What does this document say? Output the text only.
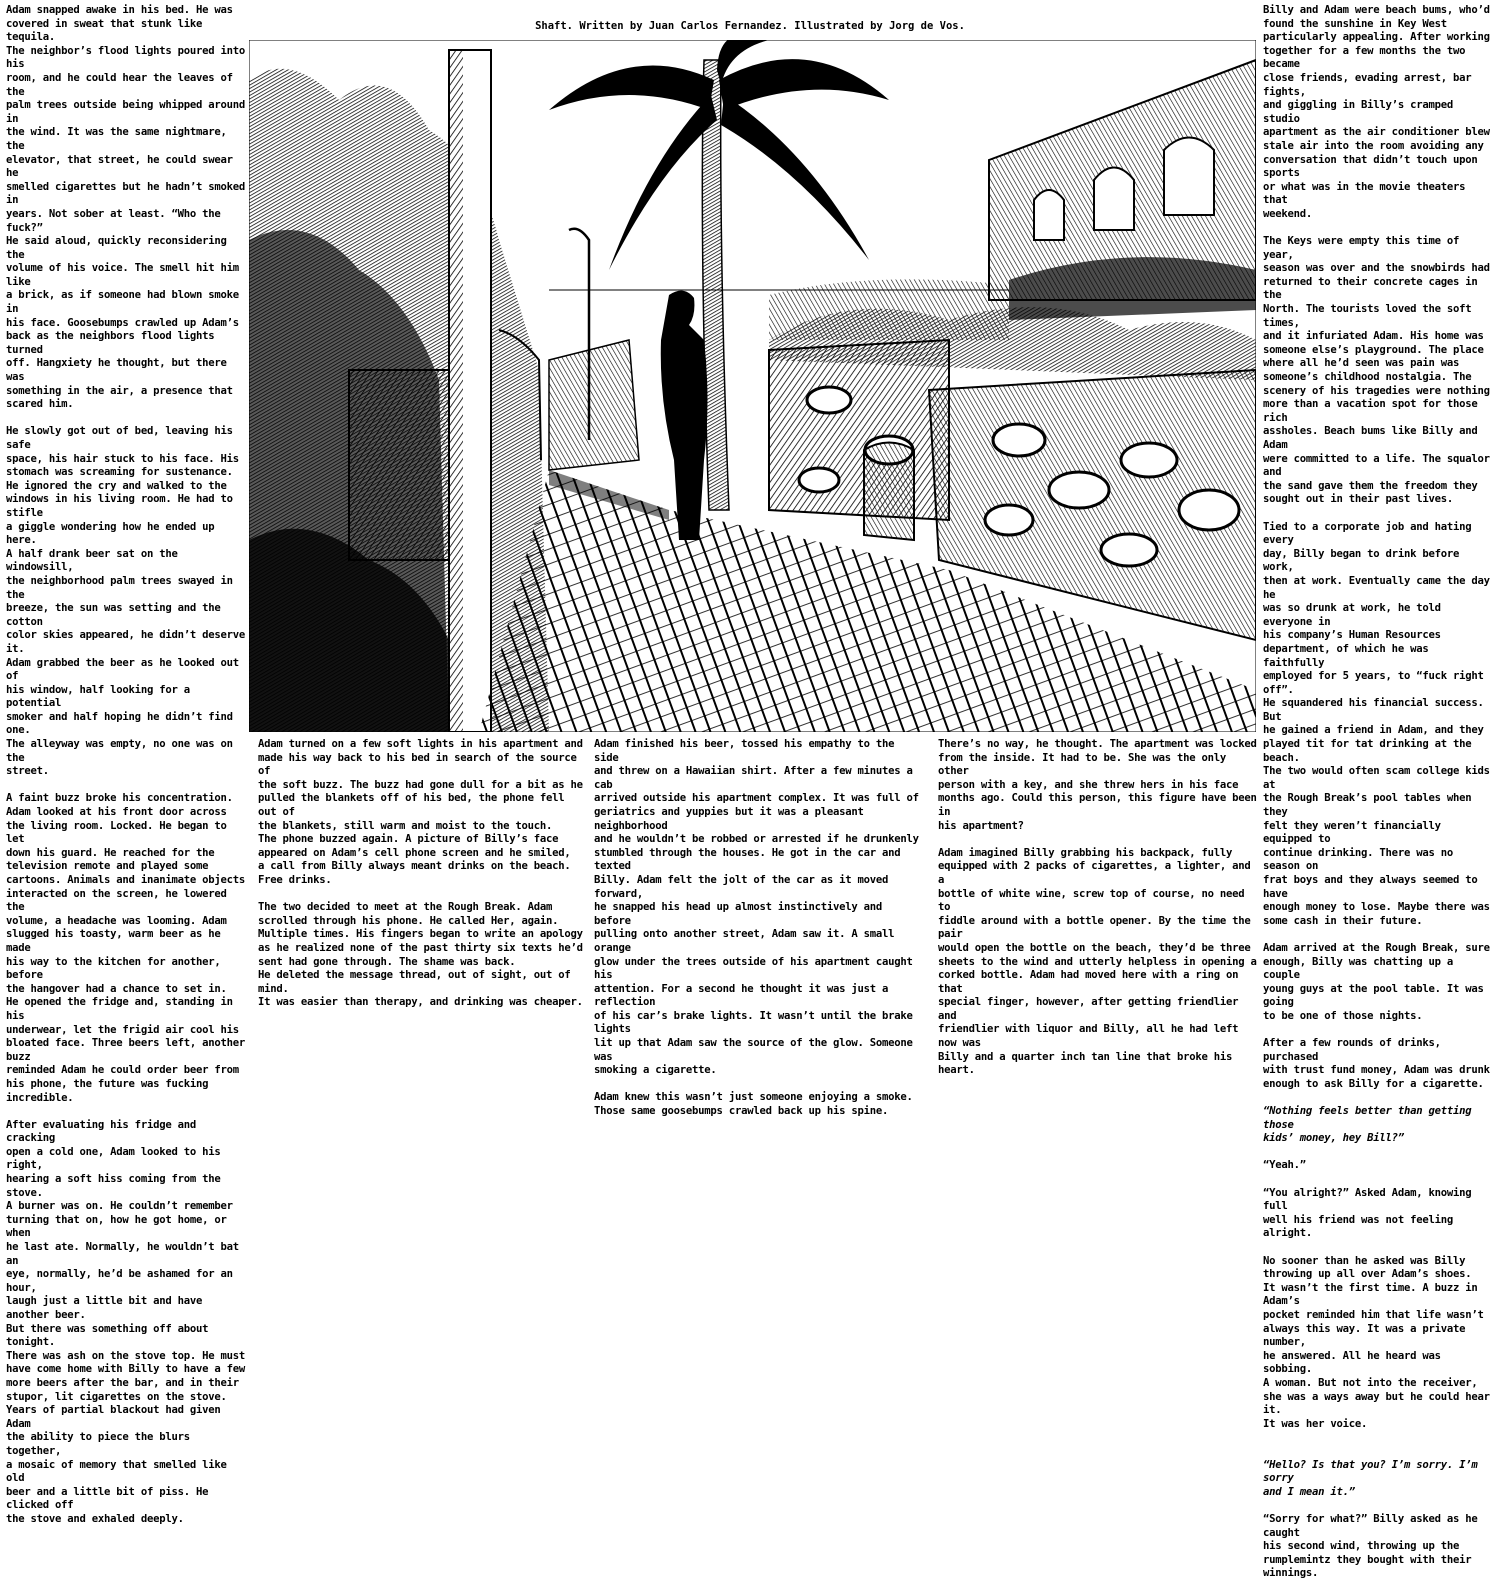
Shaft. Written by Juan Carlos Fernandez. Illustrated by Jorg de Vos.

Adam snapped awake in his bed. He was
covered in sweat that stunk like tequila.
The neighbor’s flood lights poured into his
room, and he could hear the leaves of the
palm trees outside being whipped around in
the wind. It was the same nightmare, the
elevator, that street, he could swear he
smelled cigarettes but he hadn’t smoked in
years. Not sober at least. “Who the fuck?”
He said aloud, quickly reconsidering the
volume of his voice. The smell hit him like
a brick, as if someone had blown smoke in
his face. Goosebumps crawled up Adam’s
back as the neighbors flood lights turned
off. Hangxiety he thought, but there was
something in the air, a presence that
scared him.

He slowly got out of bed, leaving his safe
space, his hair stuck to his face. His
stomach was screaming for sustenance.
He ignored the cry and walked to the
windows in his living room. He had to stifle
a giggle wondering how he ended up here.
A half drank beer sat on the windowsill,
the neighborhood palm trees swayed in the
breeze, the sun was setting and the cotton
color skies appeared, he didn’t deserve it.
Adam grabbed the beer as he looked out of
his window, half looking for a potential
smoker and half hoping he didn’t find one.
The alleyway was empty, no one was on the
street.

A faint buzz broke his concentration.
Adam looked at his front door across
the living room. Locked. He began to let
down his guard. He reached for the
television remote and played some
cartoons. Animals and inanimate objects
interacted on the screen, he lowered the
volume, a headache was looming. Adam
slugged his toasty, warm beer as he made
his way to the kitchen for another, before
the hangover had a chance to set in.
He opened the fridge and, standing in his
underwear, let the frigid air cool his
bloated face. Three beers left, another buzz
reminded Adam he could order beer from
his phone, the future was fucking
incredible.

After evaluating his fridge and cracking
open a cold one, Adam looked to his right,
hearing a soft hiss coming from the stove.
A burner was on. He couldn’t remember
turning that on, how he got home, or when
he last ate. Normally, he wouldn’t bat an
eye, normally, he’d be ashamed for an hour,
laugh just a little bit and have another beer.
But there was something off about tonight.
There was ash on the stove top. He must
have come home with Billy to have a few
more beers after the bar, and in their
stupor, lit cigarettes on the stove.
Years of partial blackout had given Adam
the ability to piece the blurs together,
a mosaic of memory that smelled like old
beer and a little bit of piss. He clicked off
the stove and exhaled deeply.

Adam turned on a few soft lights in his apartment and
made his way back to his bed in search of the source of
the soft buzz. The buzz had gone dull for a bit as he
pulled the blankets off of his bed, the phone fell out of
the blankets, still warm and moist to the touch.
The phone buzzed again. A picture of Billy’s face
appeared on Adam’s cell phone screen and he smiled,
a call from Billy always meant drinks on the beach.
Free drinks.

The two decided to meet at the Rough Break. Adam
scrolled through his phone. He called Her, again.
Multiple times. His fingers began to write an apology
as he realized none of the past thirty six texts he’d
sent had gone through. The shame was back.
He deleted the message thread, out of sight, out of mind.
It was easier than therapy, and drinking was cheaper.

Adam finished his beer, tossed his empathy to the side
and threw on a Hawaiian shirt. After a few minutes a cab
arrived outside his apartment complex. It was full of
geriatrics and yuppies but it was a pleasant neighborhood
and he wouldn’t be robbed or arrested if he drunkenly
stumbled through the houses. He got in the car and texted
Billy. Adam felt the jolt of the car as it moved forward,
he snapped his head up almost instinctively and before
pulling onto another street, Adam saw it. A small orange
glow under the trees outside of his apartment caught his
attention. For a second he thought it was just a reflection
of his car’s brake lights. It wasn’t until the brake lights
lit up that Adam saw the source of the glow. Someone was
smoking a cigarette.

Adam knew this wasn’t just someone enjoying a smoke.
Those same goosebumps crawled back up his spine.

There’s no way, he thought. The apartment was locked
from the inside. It had to be. She was the only other
person with a key, and she threw hers in his face
months ago. Could this person, this figure have been in
his apartment?

Adam imagined Billy grabbing his backpack, fully
equipped with 2 packs of cigarettes, a lighter, and a
bottle of white wine, screw top of course, no need to
fiddle around with a bottle opener. By the time the pair
would open the bottle on the beach, they’d be three
sheets to the wind and utterly helpless in opening a
corked bottle. Adam had moved here with a ring on that
special finger, however, after getting friendlier and
friendlier with liquor and Billy, all he had left now was
Billy and a quarter inch tan line that broke his heart.

Billy and Adam were beach bums, who’d
found the sunshine in Key West
particularly appealing. After working
together for a few months the two became
close friends, evading arrest, bar fights,
and giggling in Billy’s cramped studio
apartment as the air conditioner blew
stale air into the room avoiding any
conversation that didn’t touch upon sports
or what was in the movie theaters that
weekend.

The Keys were empty this time of year,
season was over and the snowbirds had
returned to their concrete cages in the
North. The tourists loved the soft times,
and it infuriated Adam. His home was
someone else’s playground. The place
where all he’d seen was pain was
someone’s childhood nostalgia. The
scenery of his tragedies were nothing
more than a vacation spot for those rich
assholes. Beach bums like Billy and Adam
were committed to a life. The squalor and
the sand gave them the freedom they
sought out in their past lives.

Tied to a corporate job and hating every
day, Billy began to drink before work,
then at work. Eventually came the day he
was so drunk at work, he told everyone in
his company’s Human Resources
department, of which he was faithfully
employed for 5 years, to “fuck right off”.
He squandered his financial success. But
he gained a friend in Adam, and they
played tit for tat drinking at the beach.
The two would often scam college kids at
the Rough Break’s pool tables when they
felt they weren’t financially equipped to
continue drinking. There was no season on
frat boys and they always seemed to have
enough money to lose. Maybe there was
some cash in their future.

Adam arrived at the Rough Break, sure
enough, Billy was chatting up a couple
young guys at the pool table. It was going
to be one of those nights.

After a few rounds of drinks, purchased
with trust fund money, Adam was drunk
enough to ask Billy for a cigarette.

“Nothing feels better than getting those
kids’ money, hey Bill?”

“Yeah.”

“You alright?” Asked Adam, knowing full
well his friend was not feeling alright.

No sooner than he asked was Billy
throwing up all over Adam’s shoes.
It wasn’t the first time. A buzz in Adam’s
pocket reminded him that life wasn’t
always this way. It was a private number,
he answered. All he heard was sobbing.
A woman. But not into the receiver,
she was a ways away but he could hear it.
It was her voice.

“Hello? Is that you? I’m sorry. I’m sorry
and I mean it.”

“Sorry for what?” Billy asked as he caught
his second wind, throwing up the
rumplemintz they bought with their
winnings.
